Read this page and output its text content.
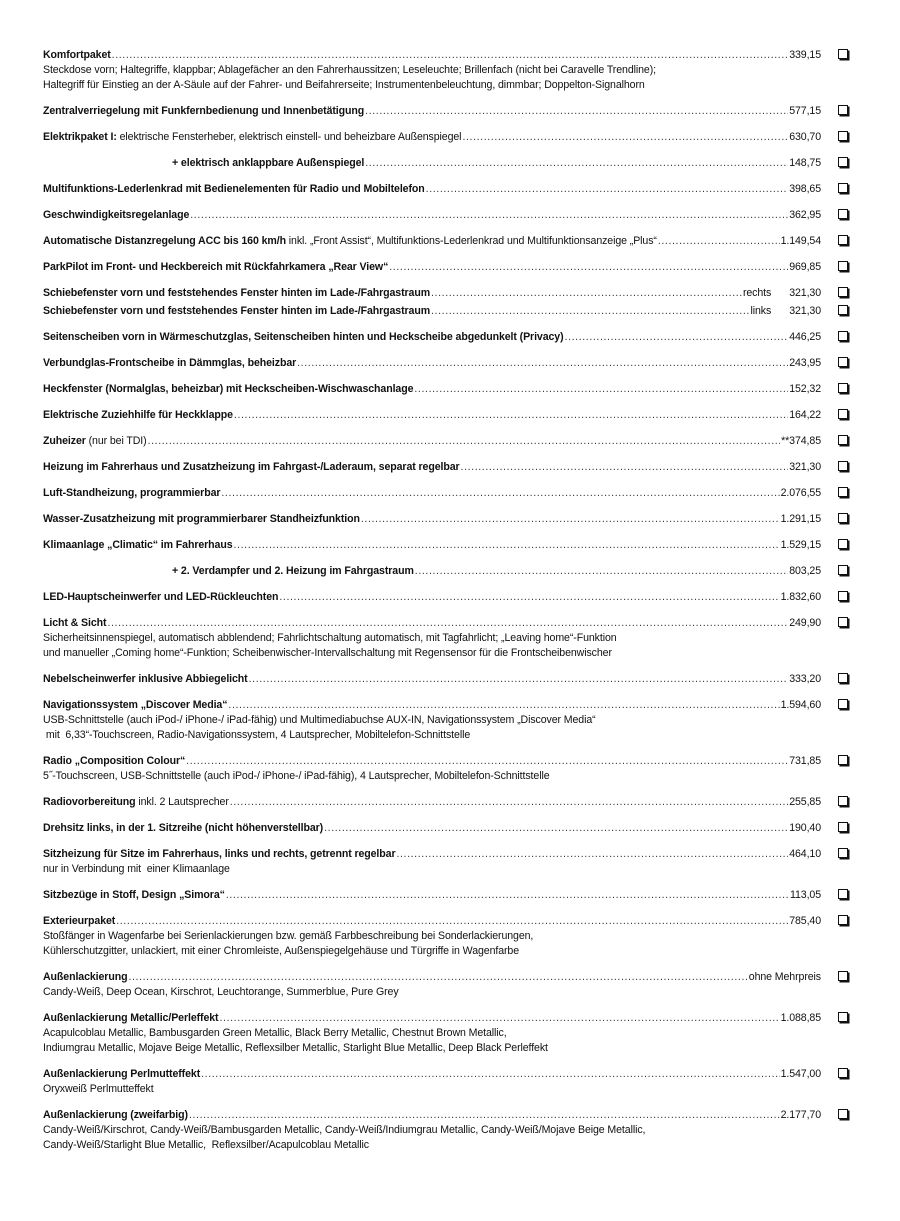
Komfortpaket .....	339,15
Steckdose vorn; Haltegriffe, klappbar; Ablagefächer an den Fahrerhaussitzen; Leseleuchte; Brillenfach (nicht bei Caravelle Trendline);
Haltegriff für Einstieg an der A-Säule auf der Fahrer- und Beifahrerseite; Instrumentenbeleuchtung, dimmbar; Doppelton-Signalhorn
Zentralverriegelung mit Funkfernbedienung und Innenbetätigung .....	577,15
Elektrikpaket I: elektrische Fensterheber, elektrisch einstell- und beheizbare Außenspiegel .....	630,70
+ elektrisch anklappbare Außenspiegel .....	148,75
Multifunktions-Lederlenkrad mit Bedienelementen für Radio und Mobiltelefon .....	398,65
Geschwindigkeitsregelanlage .....	362,95
Automatische Distanzregelung ACC bis 160 km/h inkl. „Front Assist“, Multifunktions-Lederlenkrad und Multifunktionsanzeige „Plus“ .....	1.149,54
ParkPilot im Front- und Heckbereich mit Rückfahrkamera „Rear View“ .....	969,85
Schiebefenster vorn und feststehendes Fenster hinten im Lade-/Fahrgastraum .....	rechts 321,30
Schiebefenster vorn und feststehendes Fenster hinten im Lade-/Fahrgastraum .....	links 321,30
Seitenscheiben vorn in Wärmeschutzglas, Seitenscheiben hinten und Heckscheibe abgedunkelt (Privacy) .....	446,25
Verbundglas-Frontscheibe in Dämmglas, beheizbar .....	243,95
Heckfenster (Normalglas, beheizbar) mit Heckscheiben-Wischwaschanlage .....	152,32
Elektrische Zuziehhilfe für Heckklappe .....	164,22
Zuheizer (nur bei TDI) .....	**374,85
Heizung im Fahrerhaus und Zusatzheizung im Fahrgast-/Laderaum, separat regelbar .....	321,30
Luft-Standheizung, programmierbar .....	2.076,55
Wasser-Zusatzheizung mit programmierbarer Standheizfunktion .....	1.291,15
Klimaanlage „Climatic“ im Fahrerhaus .....	1.529,15
+ 2. Verdampfer und 2. Heizung im Fahrgastraum .....	803,25
LED-Hauptscheinwerfer und LED-Rückleuchten .....	1.832,60
Licht & Sicht .....	249,90
Sicherheitsinnenspiegel, automatisch abblendend; Fahrlichtschaltung automatisch, mit Tagfahrlicht; „Leaving home“-Funktion
und manueller „Coming home“-Funktion; Scheibenwischer-Intervallschaltung mit Regensensor für die Frontscheibenwischer
Nebelscheinwerfer inklusive Abbiegelicht .....	333,20
Navigationssystem „Discover Media“ .....	1.594,60
USB-Schnittstelle (auch iPod-/ iPhone-/ iPad-fähig) und Multimediabuchse AUX-IN, Navigationssystem „Discover Media“
mit  6,33“-Touchscreen, Radio-Navigationssystem, 4 Lautsprecher, Mobiltelefon-Schnittstelle
Radio „Composition Colour“ .....	731,85
5˝-Touchscreen, USB-Schnittstelle (auch iPod-/ iPhone-/ iPad-fähig), 4 Lautsprecher, Mobiltelefon-Schnittstelle
Radiovorbereitung inkl. 2 Lautsprecher .....	255,85
Drehsitz links, in der 1. Sitzreihe (nicht höhenverstellbar) .....	190,40
Sitzheizung für Sitze im Fahrerhaus, links und rechts, getrennt regelbar .....	464,10
nur in Verbindung mit  einer Klimaanlage
Sitzbezüge in Stoff, Design „Simora“ .....	113,05
Exterieurpaket .....	785,40
Stoßfänger in Wagenfarbe bei Serienlackierungen bzw. gemäß Farbbeschreibung bei Sonderlackierungen,
Kühlerschutzgitter, unlackiert, mit einer Chromleiste, Außenspiegelgehäuse und Türgriffe in Wagenfarbe
Außenlackierung .....	ohne Mehrpreis
Candy-Weiß, Deep Ocean, Kirschrot, Leuchtorange, Summerblue, Pure Grey
Außenlackierung Metallic/Perleffekt .....	1.088,85
Acapulcoblau Metallic, Bambusgarden Green Metallic, Black Berry Metallic, Chestnut Brown Metallic,
Indiumgrau Metallic, Mojave Beige Metallic, Reflexsilber Metallic, Starlight Blue Metallic, Deep Black Perleffekt
Außenlackierung Perlmutteffekt .....	1.547,00
Oryxweiß Perlmutteffekt
Außenlackierung (zweifarbig) .....	2.177,70
Candy-Weiß/Kirschrot, Candy-Weiß/Bambusgarden Metallic, Candy-Weiß/Indiumgrau Metallic, Candy-Weiß/Mojave Beige Metallic,
Candy-Weiß/Starlight Blue Metallic,  Reflexsilber/Acapulcoblau Metallic
